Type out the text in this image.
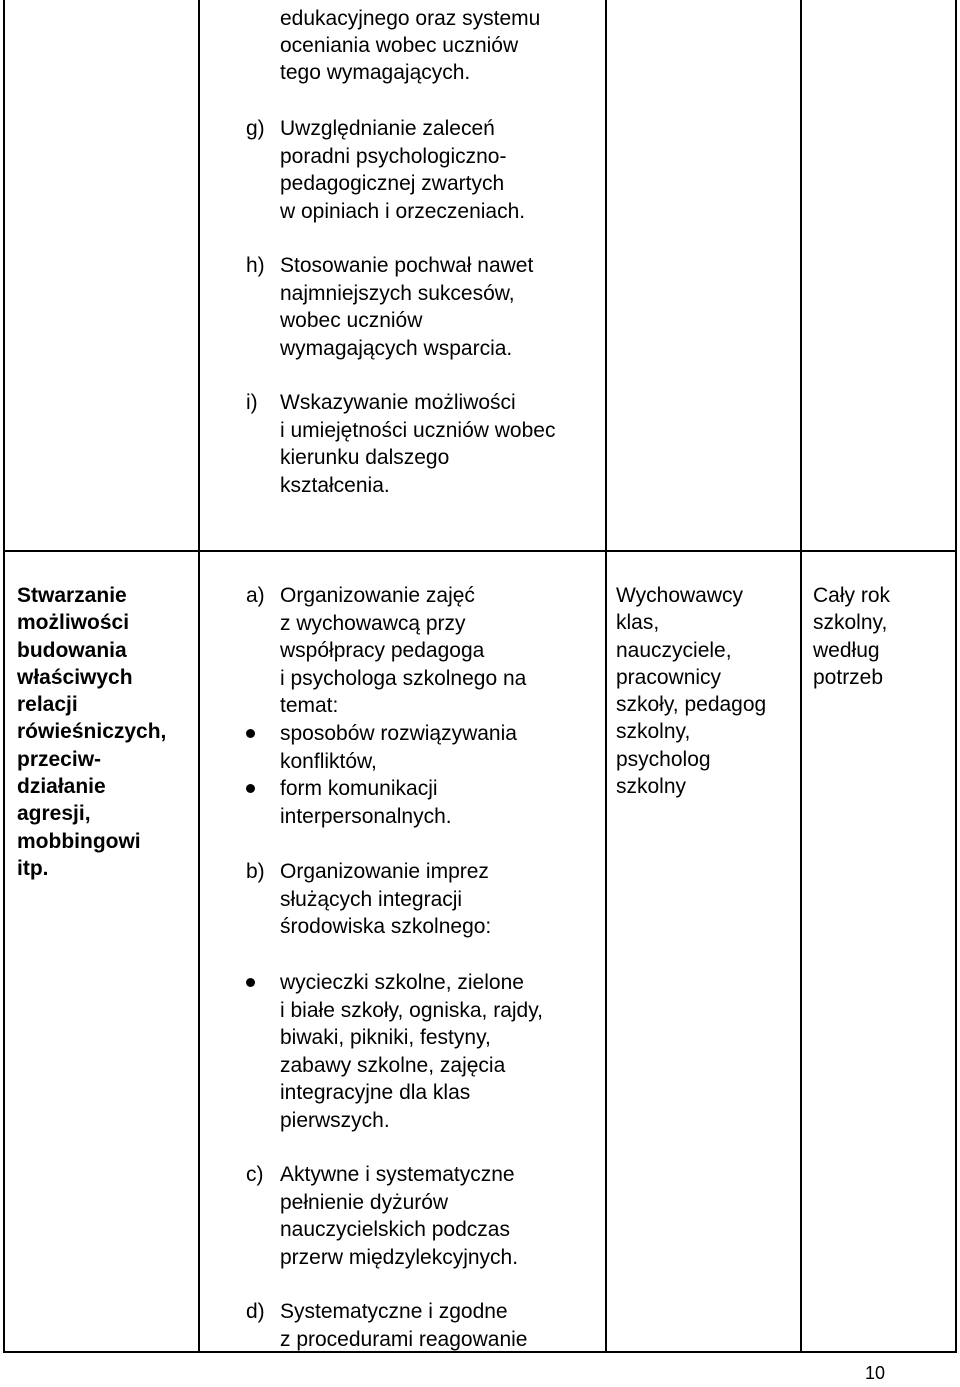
edukacyjnego oraz systemu
oceniania wobec uczniów
tego wymagających.
g) Uwzględnianie zaleceń
poradni psychologiczno-
pedagogicznej zwartych
w opiniach i orzeczeniach.
h) Stosowanie pochwał nawet
najmniejszych sukcesów,
wobec uczniów
wymagających wsparcia.
i) Wskazywanie możliwości
i umiejętności uczniów wobec
kierunku dalszego
kształcenia.
Stwarzanie
możliwości
budowania
właściwych
relacji
rówieśniczych,
przeciw-
działanie
agresji,
mobbingowi
itp.
a) Organizowanie zajęć
z wychowawcą przy
współpracy pedagoga
i psychologa szkolnego na
temat:
sposobów rozwiązywania
konfliktów,
form komunikacji
interpersonalnych.
b) Organizowanie imprez
służących integracji
środowiska szkolnego:
wycieczki szkolne, zielone
i białe szkoły, ogniska, rajdy,
biwaki, pikniki, festyny,
zabawy szkolne, zajęcia
integracyjne dla klas
pierwszych.
c) Aktywne i systematyczne
pełnienie dyżurów
nauczycielskich podczas
przerw międzylekcyjnych.
d) Systematyczne i zgodne
z procedurami reagowanie
Wychowawcy
klas,
nauczyciele,
pracownicy
szkoły, pedagog
szkolny,
psycholog
szkolny
Cały rok
szkolny,
według
potrzeb
10
